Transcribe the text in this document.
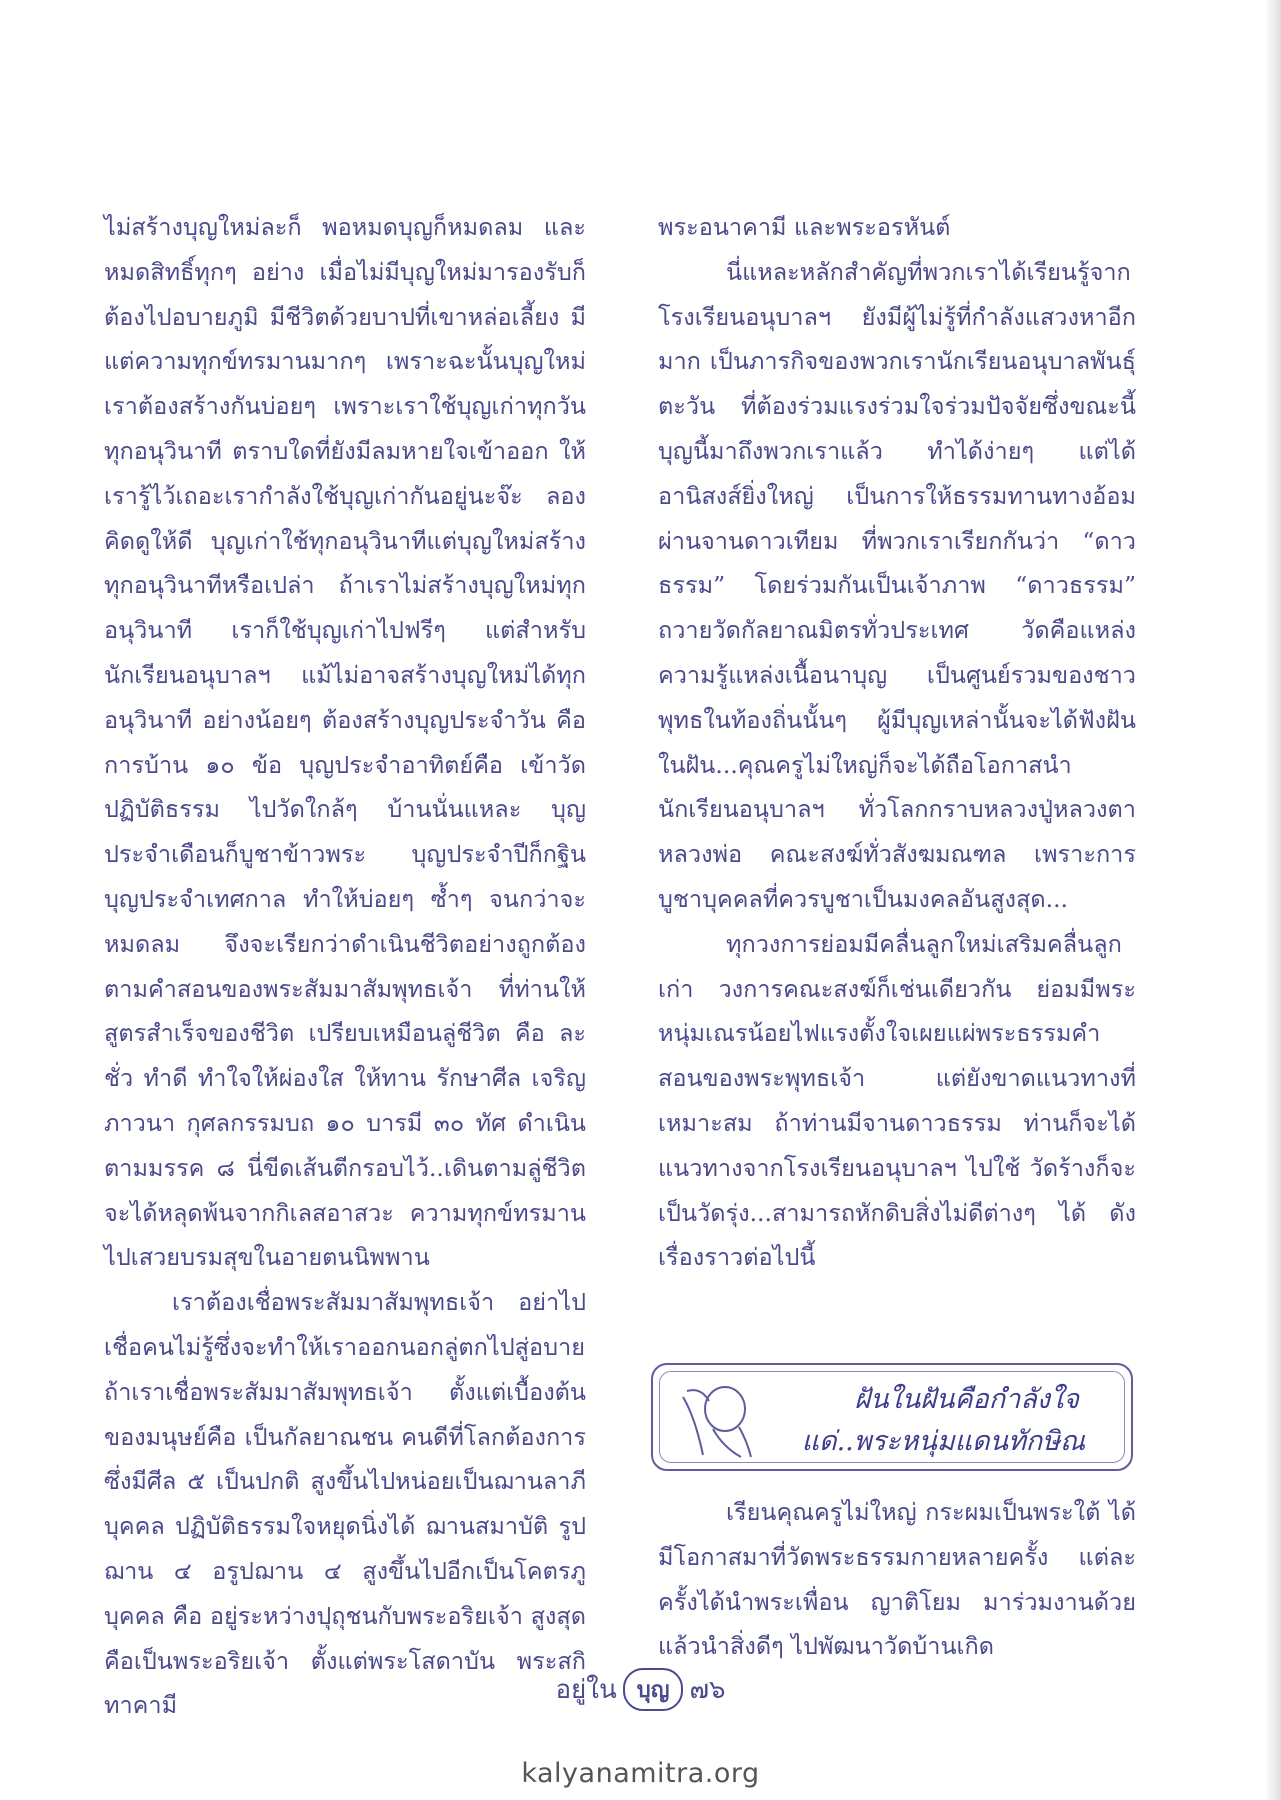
ไม่สร้างบุญใหม่ละก็ พอหมดบุญก็หมดลม และหมดสิทธิ์ทุกๆ อย่าง เมื่อไม่มีบุญใหม่มารองรับก็ต้องไปอบายภูมิ มีชีวิตด้วยบาปที่เขาหล่อเลี้ยง มีแต่ความทุกข์ทรมานมากๆ เพราะฉะนั้นบุญใหม่เราต้องสร้างกันบ่อยๆ เพราะเราใช้บุญเก่าทุกวัน ทุกอนุวินาที ตราบใดที่ยังมีลมหายใจเข้าออก ให้เรารู้ไว้เถอะเรากำลังใช้บุญเก่ากันอยู่นะจ๊ะ ลองคิดดูให้ดี บุญเก่าใช้ทุกอนุวินาทีแต่บุญใหม่สร้างทุกอนุวินาทีหรือเปล่า ถ้าเราไม่สร้างบุญใหม่ทุกอนุวินาที เราก็ใช้บุญเก่าไปฟรีๆ แต่สำหรับนักเรียนอนุบาลฯ แม้ไม่อาจสร้างบุญใหม่ได้ทุกอนุวินาที อย่างน้อยๆ ต้องสร้างบุญประจำวัน คือ การบ้าน ๑๐ ข้อ บุญประจำอาทิตย์คือ เข้าวัดปฏิบัติธรรม ไปวัดใกล้ๆ บ้านนั่นแหละ บุญประจำเดือนก็บูชาข้าวพระ บุญประจำปีก็กฐิน บุญประจำเทศกาล ทำให้บ่อยๆ ซ้ำๆ จนกว่าจะหมดลม จึงจะเรียกว่าดำเนินชีวิตอย่างถูกต้องตามคำสอนของพระสัมมาสัมพุทธเจ้า ที่ท่านให้สูตรสำเร็จของชีวิต เปรียบเหมือนลู่ชีวิต คือ ละชั่ว ทำดี ทำใจให้ผ่องใส ให้ทาน รักษาศีล เจริญภาวนา กุศลกรรมบถ ๑๐ บารมี ๓๐ ทัศ ดำเนินตามมรรค ๘ นี่ขีดเส้นตีกรอบไว้..เดินตามลู่ชีวิตจะได้หลุดพ้นจากกิเลสอาสวะ ความทุกข์ทรมานไปเสวยบรมสุขในอายตนนิพพาน

เราต้องเชื่อพระสัมมาสัมพุทธเจ้า อย่าไปเชื่อคนไม่รู้ซึ่งจะทำให้เราออกนอกลู่ตกไปสู่อบาย ถ้าเราเชื่อพระสัมมาสัมพุทธเจ้า ตั้งแต่เบื้องต้นของมนุษย์คือ เป็นกัลยาณชน คนดีที่โลกต้องการซึ่งมีศีล ๕ เป็นปกติ สูงขึ้นไปหน่อยเป็นฌานลาภีบุคคล ปฏิบัติธรรมใจหยุดนิ่งได้ ฌานสมาบัติ รูปฌาน ๔ อรูปฌาน ๔ สูงขึ้นไปอีกเป็นโคตรภูบุคคล คือ อยู่ระหว่างปุถุชนกับพระอริยเจ้า สูงสุดคือเป็นพระอริยเจ้า ตั้งแต่พระโสดาบัน พระสกิทาคามี

พระอนาคามี และพระอรหันต์

นี่แหละหลักสำคัญที่พวกเราได้เรียนรู้จากโรงเรียนอนุบาลฯ ยังมีผู้ไม่รู้ที่กำลังแสวงหาอีกมาก เป็นภารกิจของพวกเรานักเรียนอนุบาลพันธุ์ตะวัน ที่ต้องร่วมแรงร่วมใจร่วมปัจจัยซึ่งขณะนี้บุญนี้มาถึงพวกเราแล้ว ทำได้ง่ายๆ แต่ได้อานิสงส์ยิ่งใหญ่ เป็นการให้ธรรมทานทางอ้อมผ่านจานดาวเทียม ที่พวกเราเรียกกันว่า “ดาวธรรม” โดยร่วมกันเป็นเจ้าภาพ “ดาวธรรม” ถวายวัดกัลยาณมิตรทั่วประเทศ วัดคือแหล่งความรู้แหล่งเนื้อนาบุญ เป็นศูนย์รวมของชาวพุทธในท้องถิ่นนั้นๆ ผู้มีบุญเหล่านั้นจะได้ฟังฝันในฝัน...คุณครูไม่ใหญ่ก็จะได้ถือโอกาสนำนักเรียนอนุบาลฯ ทั่วโลกกราบหลวงปู่หลวงตา หลวงพ่อ คณะสงฆ์ทั่วสังฆมณฑล เพราะการบูชาบุคคลที่ควรบูชาเป็นมงคลอันสูงสุด...

ทุกวงการย่อมมีคลื่นลูกใหม่เสริมคลื่นลูกเก่า วงการคณะสงฆ์ก็เช่นเดียวกัน ย่อมมีพระหนุ่มเณรน้อยไฟแรงตั้งใจเผยแผ่พระธรรมคำสอนของพระพุทธเจ้า แต่ยังขาดแนวทางที่เหมาะสม ถ้าท่านมีจานดาวธรรม ท่านก็จะได้แนวทางจากโรงเรียนอนุบาลฯ ไปใช้ วัดร้างก็จะเป็นวัดรุ่ง...สามารถหักดิบสิ่งไม่ดีต่างๆ ได้ ดังเรื่องราวต่อไปนี้

ฝันในฝันคือกำลังใจ
แด่..พระหนุ่มแดนทักษิณ

เรียนคุณครูไม่ใหญ่ กระผมเป็นพระใต้ ได้มีโอกาสมาที่วัดพระธรรมกายหลายครั้ง แต่ละครั้งได้นำพระเพื่อน ญาติโยม มาร่วมงานด้วย แล้วนำสิ่งดีๆ ไปพัฒนาวัดบ้านเกิด

อยู่ใน บุญ ๗๖
kalyanamitra.org
